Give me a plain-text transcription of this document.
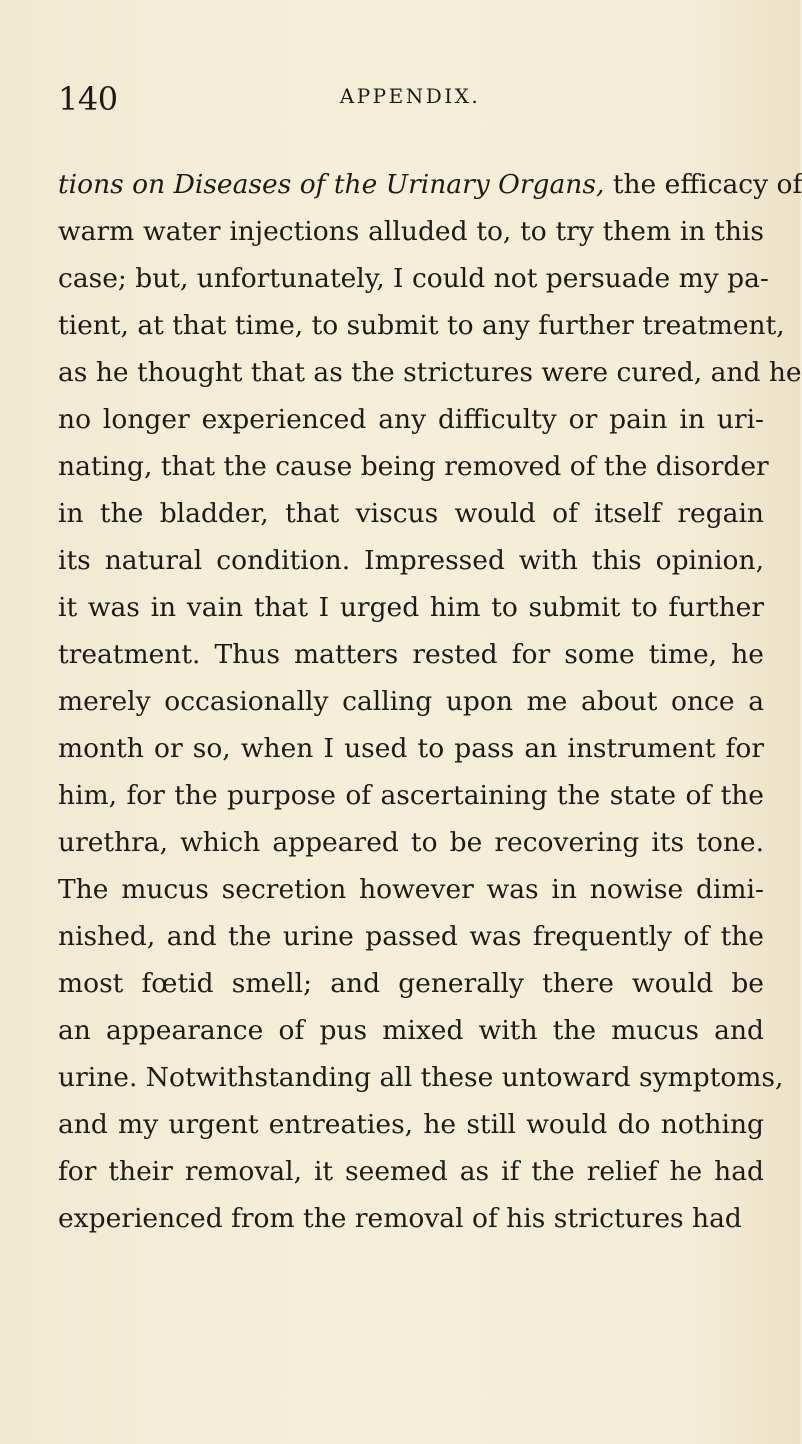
140	APPENDIX.
tions on Diseases of the Urinary Organs, the efficacy of
warm water injections alluded to, to try them in this
case; but, unfortunately, I could not persuade my pa-
tient, at that time, to submit to any further treatment,
as he thought that as the strictures were cured, and he
no longer experienced any difficulty or pain in uri-
nating, that the cause being removed of the disorder
in the bladder, that viscus would of itself regain
its natural condition. Impressed with this opinion,
it was in vain that I urged him to submit to further
treatment. Thus matters rested for some time, he
merely occasionally calling upon me about once a
month or so, when I used to pass an instrument for
him, for the purpose of ascertaining the state of the
urethra, which appeared to be recovering its tone.
The mucus secretion however was in nowise dimi-
nished, and the urine passed was frequently of the
most fœtid smell; and generally there would be
an appearance of pus mixed with the mucus and
urine. Notwithstanding all these untoward symptoms,
and my urgent entreaties, he still would do nothing
for their removal, it seemed as if the relief he had
experienced from the removal of his strictures had
